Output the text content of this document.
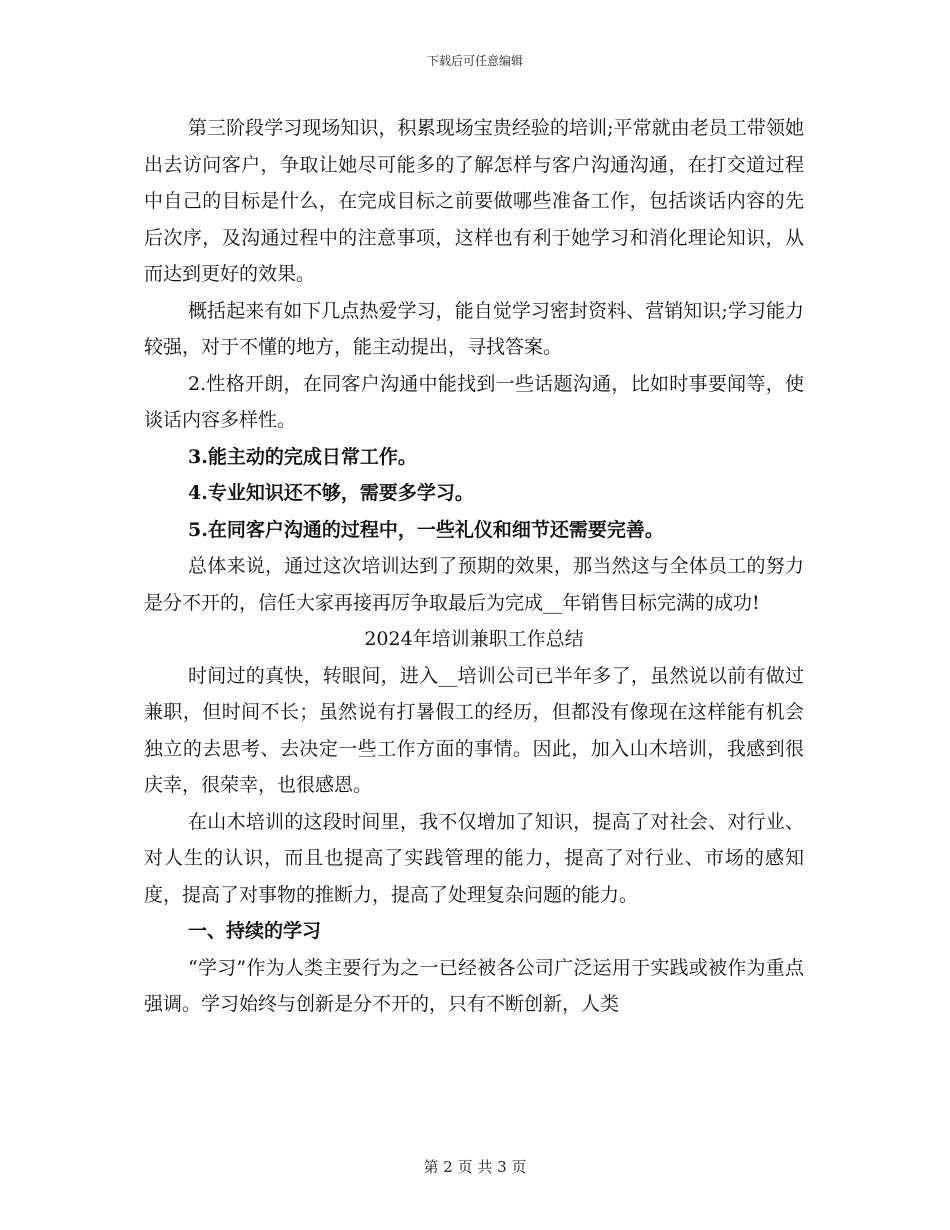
下载后可任意编辑

第三阶段学习现场知识，积累现场宝贵经验的培训;平常就由老员工带领她出去访问客户，争取让她尽可能多的了解怎样与客户沟通沟通，在打交道过程中自己的目标是什么，在完成目标之前要做哪些准备工作，包括谈话内容的先后次序，及沟通过程中的注意事项，这样也有利于她学习和消化理论知识，从而达到更好的效果。

概括起来有如下几点热爱学习，能自觉学习密封资料、营销知识;学习能力较强，对于不懂的地方，能主动提出，寻找答案。

2.性格开朗，在同客户沟通中能找到一些话题沟通，比如时事要闻等，使谈话内容多样性。

3.能主动的完成日常工作。

4.专业知识还不够，需要多学习。

5.在同客户沟通的过程中，一些礼仪和细节还需要完善。

总体来说，通过这次培训达到了预期的效果，那当然这与全体员工的努力是分不开的，信任大家再接再厉争取最后为完成__年销售目标完满的成功!

2024年培训兼职工作总结

时间过的真快，转眼间，进入__培训公司已半年多了，虽然说以前有做过兼职，但时间不长；虽然说有打暑假工的经历，但都没有像现在这样能有机会独立的去思考、去决定一些工作方面的事情。因此，加入山木培训，我感到很庆幸，很荣幸，也很感恩。

在山木培训的这段时间里，我不仅增加了知识，提高了对社会、对行业、对人生的认识，而且也提高了实践管理的能力，提高了对行业、市场的感知度，提高了对事物的推断力，提高了处理复杂问题的能力。

一、持续的学习

“学习”作为人类主要行为之一已经被各公司广泛运用于实践或被作为重点强调。学习始终与创新是分不开的，只有不断创新，人类

第 2 页 共 3 页
